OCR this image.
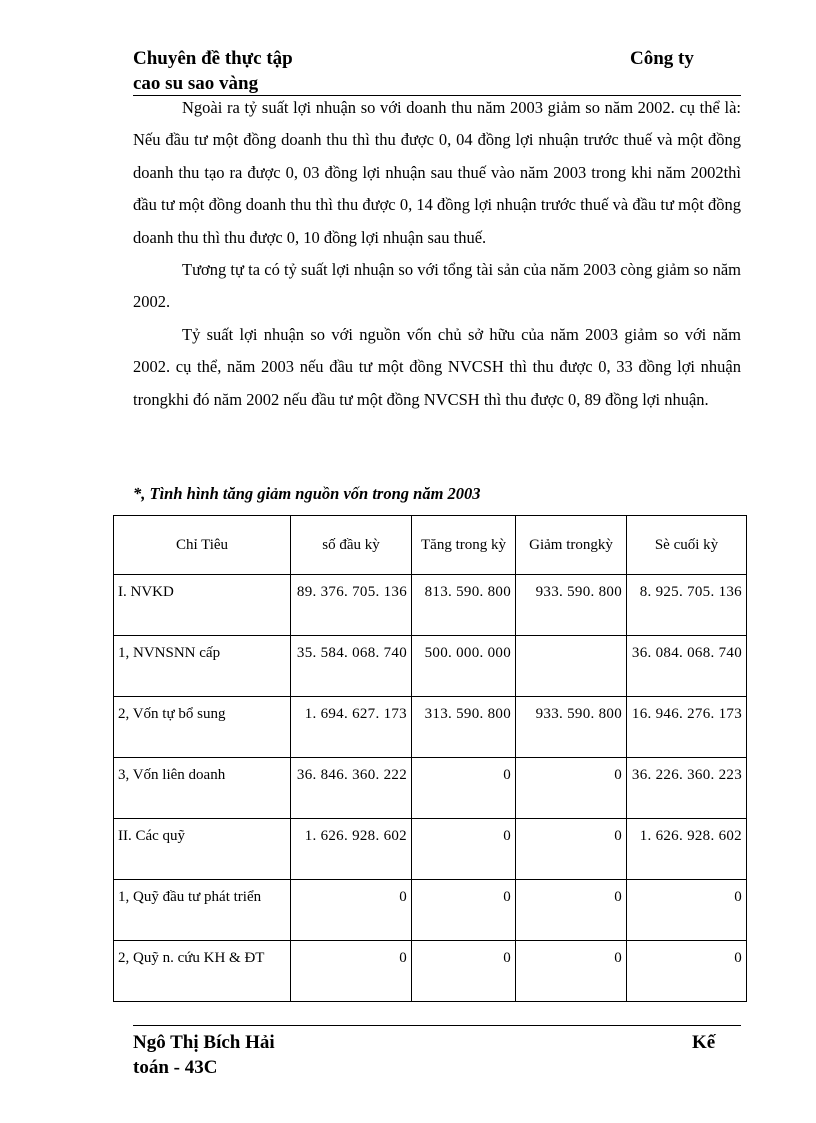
Chuyên đề thực tập
cao su sao vàng
Công ty

Ngoài ra tỷ suất lợi nhuận so với doanh thu năm 2003 giảm so năm 2002. cụ thể là: Nếu đầu tư một đồng doanh thu thì thu được 0, 04 đồng lợi nhuận trước thuế và một đồng doanh thu tạo ra được 0, 03 đồng lợi nhuận sau thuế vào năm 2003 trong khi năm 2002thì đầu tư một đồng doanh thu thì thu được 0, 14 đồng lợi nhuận trước thuế và đầu tư một đồng doanh thu thì thu được 0, 10 đồng lợi nhuận sau thuế.

Tương tự ta có tỷ suất lợi nhuận so với tổng tài sản của năm 2003 còng giảm so năm 2002.

Tỷ suất lợi nhuận so với nguồn vốn chủ sở hữu của năm 2003 giảm so với năm 2002. cụ thể, năm 2003 nếu đầu tư một đồng NVCSH thì thu được 0, 33 đồng lợi nhuận trongkhi đó năm 2002 nếu đầu tư một đồng NVCSH thì thu được 0, 89 đồng lợi nhuận.

*, Tình hình tăng giảm nguồn vốn trong năm 2003
Chỉ Tiêu	số đầu kỳ	Tăng trong kỳ	Giảm trongkỳ	Sè cuối kỳ
I. NVKD	89. 376. 705. 136	813. 590. 800	933. 590. 800	8. 925. 705. 136
1, NVNSNN cấp	35. 584. 068. 740	500. 000. 000		36. 084. 068. 740
2, Vốn tự bổ sung	1. 694. 627. 173	313. 590. 800	933. 590. 800	16. 946. 276. 173
3, Vốn liên doanh	36. 846. 360. 222	0	0	36. 226. 360. 223
II. Các quỹ	1. 626. 928. 602	0	0	1. 626. 928. 602
1, Quỹ đầu tư phát triển	0	0	0	0
2, Quỹ n. cứu KH & ĐT	0	0	0	0
Ngô Thị Bích Hải
toán - 43C
Kế
